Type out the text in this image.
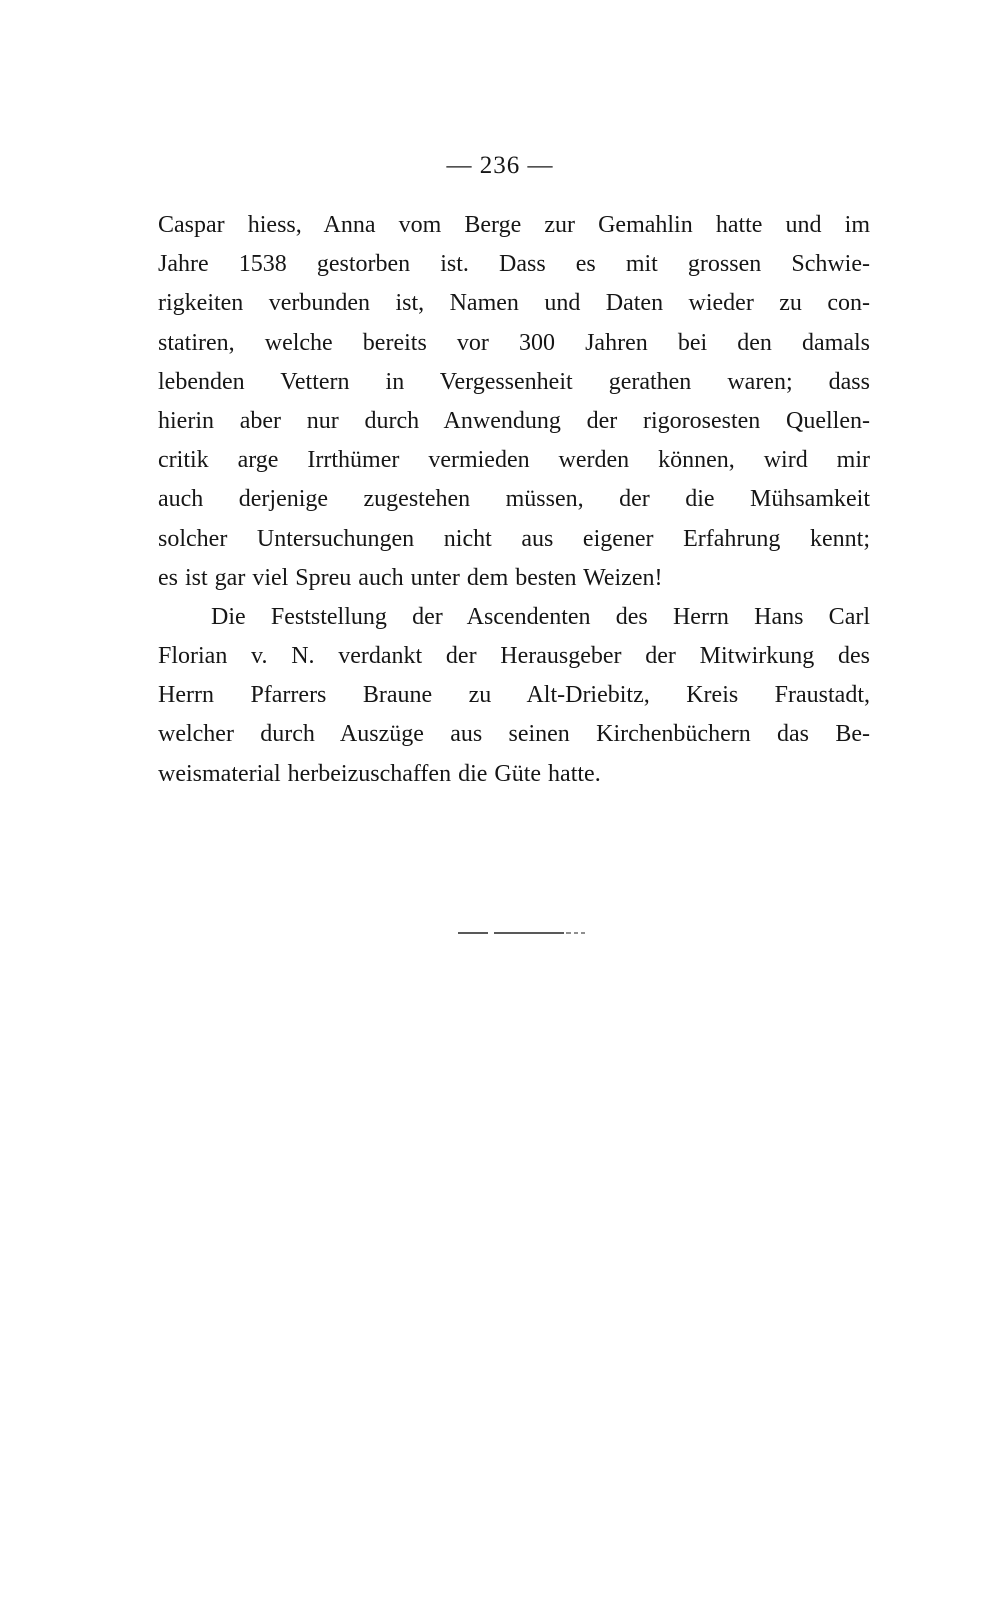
— 236 —
Caspar hiess, Anna vom Berge zur Gemahlin hatte und im
Jahre 1538 gestorben ist. Dass es mit grossen Schwie-
rigkeiten verbunden ist, Namen und Daten wieder zu con-
statiren, welche bereits vor 300 Jahren bei den damals
lebenden Vettern in Vergessenheit gerathen waren; dass
hierin aber nur durch Anwendung der rigorosesten Quellen-
critik arge Irrthümer vermieden werden können, wird mir
auch derjenige zugestehen müssen, der die Mühsamkeit
solcher Untersuchungen nicht aus eigener Erfahrung kennt;
es ist gar viel Spreu auch unter dem besten Weizen!
Die Feststellung der Ascendenten des Herrn Hans Carl
Florian v. N. verdankt der Herausgeber der Mitwirkung des
Herrn Pfarrers Braune zu Alt-Driebitz, Kreis Fraustadt,
welcher durch Auszüge aus seinen Kirchenbüchern das Be-
weismaterial herbeizuschaffen die Güte hatte.
